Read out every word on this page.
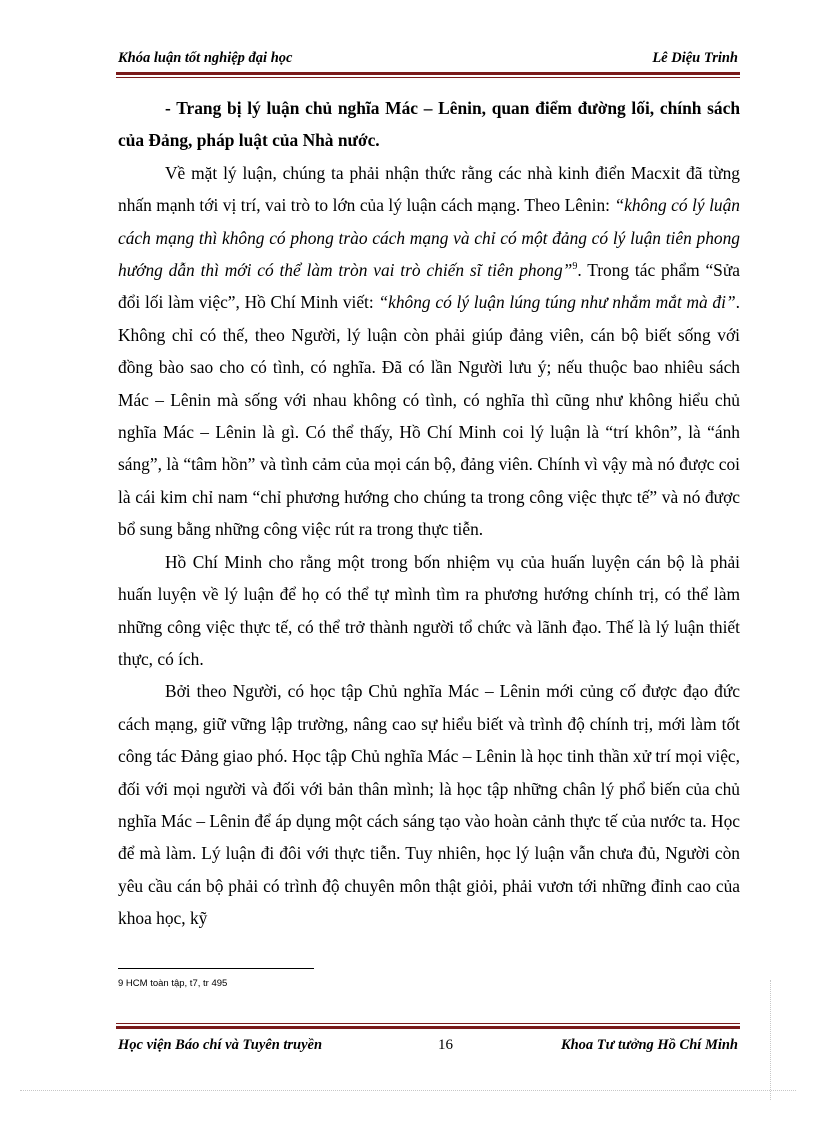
Khóa luận tốt nghiệp đại học	Lê Diệu Trinh

- Trang bị lý luận chủ nghĩa Mác – Lênin, quan điểm đường lối, chính sách của Đảng, pháp luật của Nhà nước.

Về mặt lý luận, chúng ta phải nhận thức rằng các nhà kinh điển Macxit đã từng nhấn mạnh tới vị trí, vai trò to lớn của lý luận cách mạng. Theo Lênin: “không có lý luận cách mạng thì không có phong trào cách mạng và chỉ có một đảng có lý luận tiên phong hướng dẫn thì mới có thể làm tròn vai trò chiến sĩ tiên phong”$^9$. Trong tác phẩm “Sửa đổi lối làm việc”, Hồ Chí Minh viết: “không có lý luận lúng túng như nhắm mắt mà đi”. Không chỉ có thế, theo Người, lý luận còn phải giúp đảng viên, cán bộ biết sống với đồng bào sao cho có tình, có nghĩa. Đã có lần Người lưu ý; nếu thuộc bao nhiêu sách Mác – Lênin mà sống với nhau không có tình, có nghĩa thì cũng như không hiểu chủ nghĩa Mác – Lênin là gì. Có thể thấy, Hồ Chí Minh coi lý luận là “trí khôn”, là “ánh sáng”, là “tâm hồn” và tình cảm của mọi cán bộ, đảng viên. Chính vì vậy mà nó được coi là cái kim chỉ nam “chỉ phương hướng cho chúng ta trong công việc thực tế” và nó được bổ sung bằng những công việc rút ra trong thực tiễn.

Hồ Chí Minh cho rằng một trong bốn nhiệm vụ của huấn luyện cán bộ là phải huấn luyện về lý luận để họ có thể tự mình tìm ra phương hướng chính trị, có thể làm những công việc thực tế, có thể trở thành người tổ chức và lãnh đạo. Thế là lý luận thiết thực, có ích.

Bởi theo Người, có học tập Chủ nghĩa Mác – Lênin mới củng cố được đạo đức cách mạng, giữ vững lập trường, nâng cao sự hiểu biết và trình độ chính trị, mới làm tốt công tác Đảng giao phó. Học tập Chủ nghĩa Mác – Lênin là học tinh thần xử trí mọi việc, đối với mọi người và đối với bản thân mình; là học tập những chân lý phổ biến của chủ nghĩa Mác – Lênin để áp dụng một cách sáng tạo vào hoàn cảnh thực tế của nước ta. Học để mà làm. Lý luận đi đôi với thực tiễn. Tuy nhiên, học lý luận vẫn chưa đủ, Người còn yêu cầu cán bộ phải có trình độ chuyên môn thật giỏi, phải vươn tới những đỉnh cao của khoa học, kỹ

9 HCM toàn tập, t7, tr 495
Học viện Báo chí và Tuyên truyền	16	Khoa Tư tưởng Hồ Chí Minh
